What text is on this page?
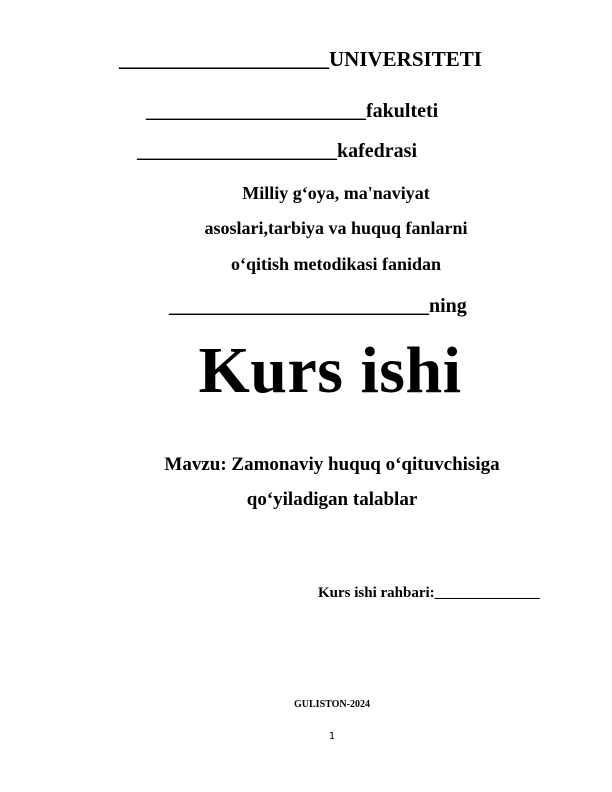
____________________UNIVERSITETI
______________________fakulteti
____________________kafedrasi
Milliy g‘oya, ma'naviyat
asoslari,tarbiya va huquq fanlarni
o‘qitish metodikasi fanidan
__________________________ning
Kurs ishi
Mavzu: Zamonaviy huquq o‘qituvchisiga
qo‘yiladigan talablar
Kurs ishi rahbari:______________
GULISTON-2024
1
